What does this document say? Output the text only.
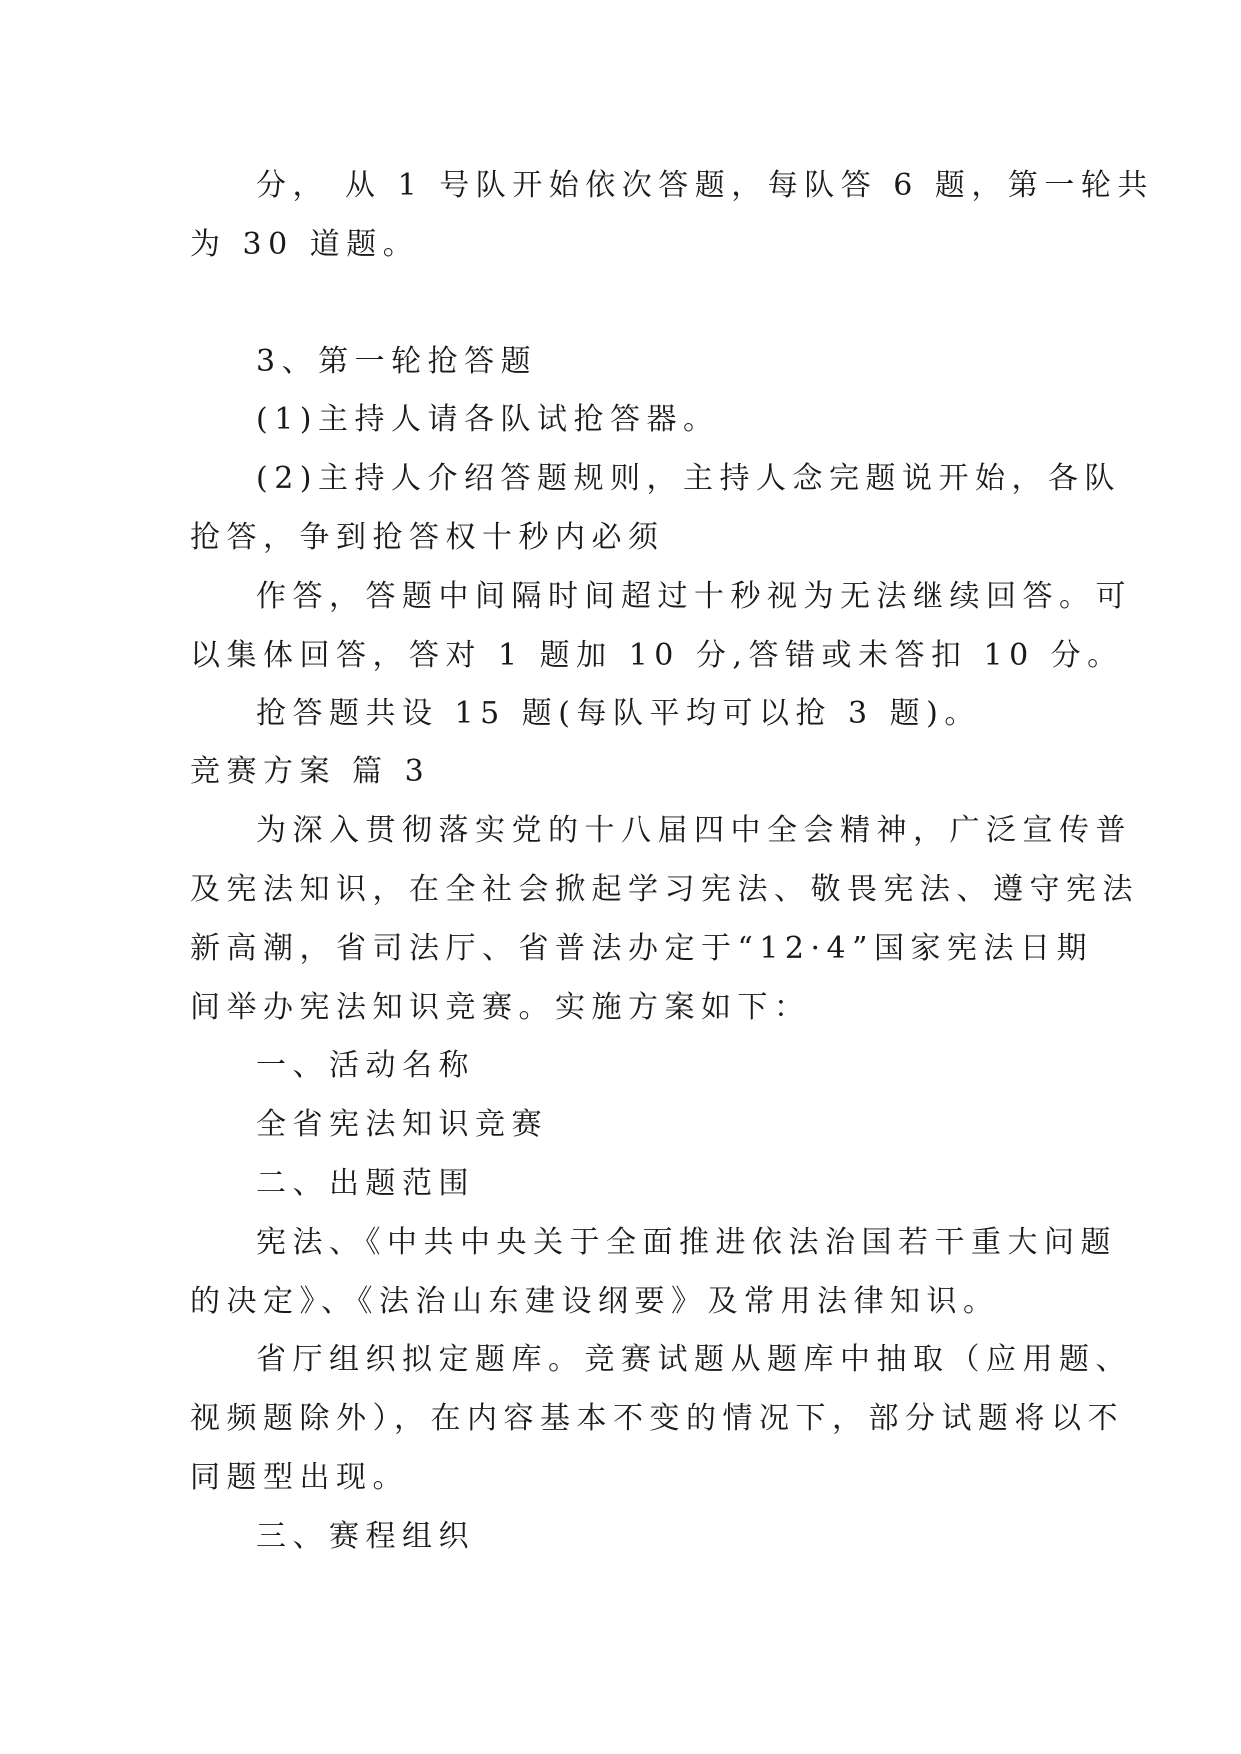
分， 从 1 号队开始依次答题，每队答 6 题，第一轮共
为 30 道题。
3、第一轮抢答题
(1)主持人请各队试抢答器。
(2)主持人介绍答题规则，主持人念完题说开始，各队
抢答，争到抢答权十秒内必须
作答，答题中间隔时间超过十秒视为无法继续回答。可
以集体回答，答对 1 题加 10 分,答错或未答扣 10 分。
抢答题共设 15 题(每队平均可以抢 3 题)。
竞赛方案 篇 3
为深入贯彻落实党的十八届四中全会精神，广泛宣传普
及宪法知识，在全社会掀起学习宪法、敬畏宪法、遵守宪法
新高潮，省司法厅、省普法办定于“12·4”国家宪法日期
间举办宪法知识竞赛。实施方案如下：
一、活动名称
全省宪法知识竞赛
二、出题范围
宪法、《中共中央关于全面推进依法治国若干重大问题
的决定》、《法治山东建设纲要》及常用法律知识。
省厅组织拟定题库。竞赛试题从题库中抽取（应用题、
视频题除外），在内容基本不变的情况下，部分试题将以不
同题型出现。
三、赛程组织
